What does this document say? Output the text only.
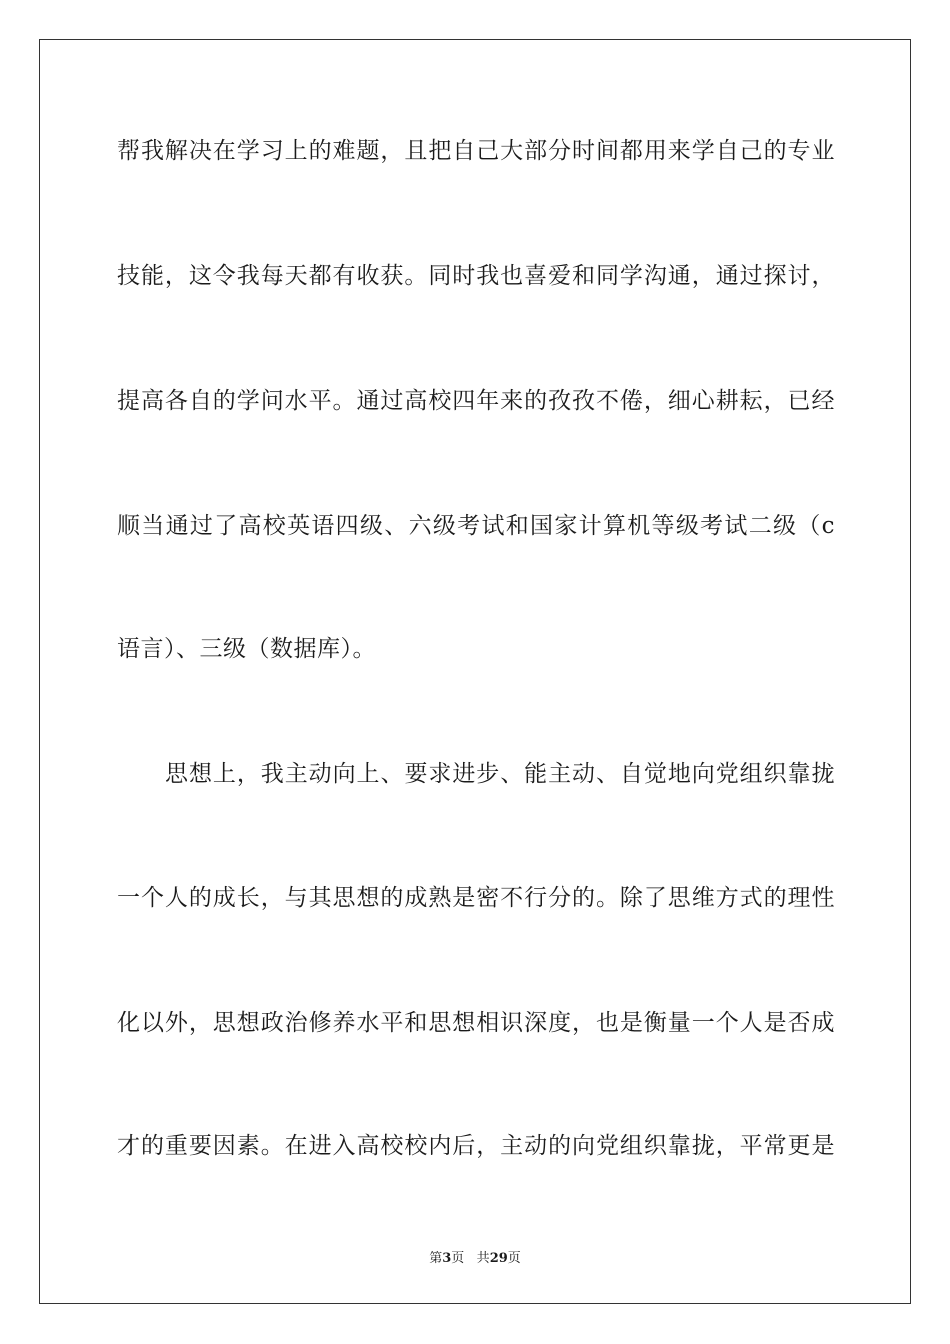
帮我解决在学习上的难题，且把自己大部分时间都用来学自己的专业
技能，这令我每天都有收获。同时我也喜爱和同学沟通，通过探讨，
提高各自的学问水平。通过高校四年来的孜孜不倦，细心耕耘，已经
顺当通过了高校英语四级、六级考试和国家计算机等级考试二级（c
语言）、三级（数据库）。
思想上，我主动向上、要求进步、能主动、自觉地向党组织靠拢
一个人的成长，与其思想的成熟是密不行分的。除了思维方式的理性
化以外，思想政治修养水平和思想相识深度，也是衡量一个人是否成
才的重要因素。在进入高校校内后，主动的向党组织靠拢，平常更是
第3页 共29页
